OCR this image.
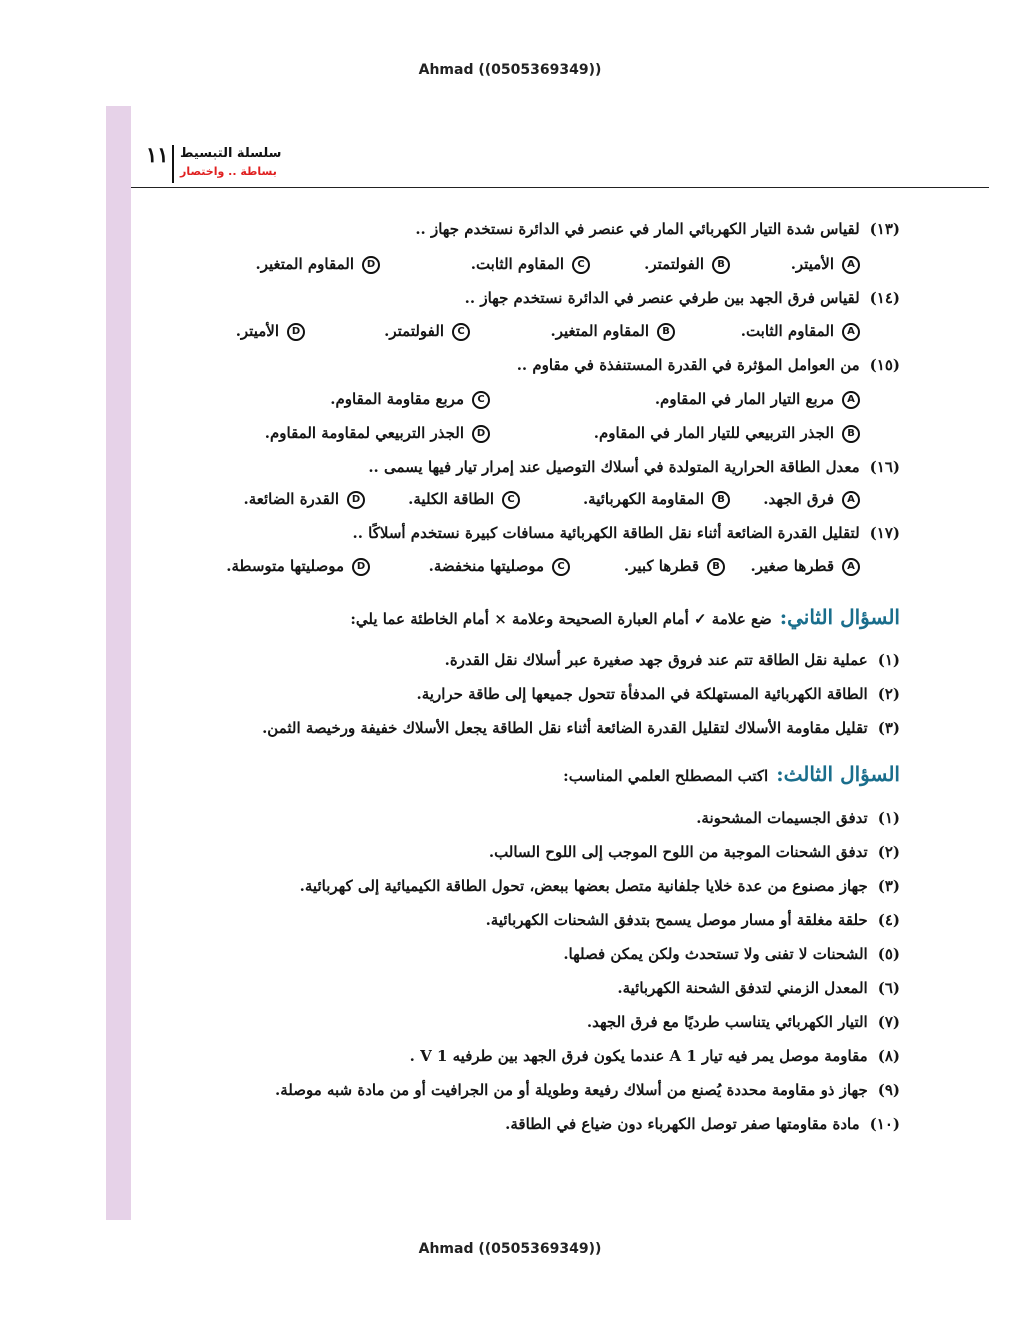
Ahmad ((0505369349))
١١ سلسلة التبسيط
بساطة .. واختصار
(١٣)لقياس شدة التيار الكهربائي المار في عنصر في الدائرة نستخدم جهاز ..
Aالأميتر.
Bالفولتمتر.
Cالمقاوم الثابت.
Dالمقاوم المتغير.
(١٤)لقياس فرق الجهد بين طرفي عنصر في الدائرة نستخدم جهاز ..
Aالمقاوم الثابت.
Bالمقاوم المتغير.
Cالفولتمتر.
Dالأميتر.
(١٥)من العوامل المؤثرة في القدرة المستنفذة في مقاوم ..
Aمربع التيار المار في المقاوم.
Cمربع مقاومة المقاوم.
Bالجذر التربيعي للتيار المار في المقاوم.
Dالجذر التربيعي لمقاومة المقاوم.
(١٦)معدل الطاقة الحرارية المتولدة في أسلاك التوصيل عند إمرار تيار فيها يسمى ..
Aفرق الجهد.
Bالمقاومة الكهربائية.
Cالطاقة الكلية.
Dالقدرة الضائعة.
(١٧)لتقليل القدرة الضائعة أثناء نقل الطاقة الكهربائية مسافات كبيرة نستخدم أسلاكًا ..
Aقطرها صغير.
Bقطرها كبير.
Cموصليتها منخفضة.
Dموصليتها متوسطة.
السؤال الثاني:ضع علامة ✓ أمام العبارة الصحيحة وعلامة × أمام الخاطئة عما يلي:
(١)عملية نقل الطاقة تتم عند فروق جهد صغيرة عبر أسلاك نقل القدرة.
(٢)الطاقة الكهربائية المستهلكة في المدفأة تتحول جميعها إلى طاقة حرارية.
(٣)تقليل مقاومة الأسلاك لتقليل القدرة الضائعة أثناء نقل الطاقة يجعل الأسلاك خفيفة ورخيصة الثمن.
السؤال الثالث:اكتب المصطلح العلمي المناسب:
(١)تدفق الجسيمات المشحونة.
(٢)تدفق الشحنات الموجبة من اللوح الموجب إلى اللوح السالب.
(٣)جهاز مصنوع من عدة خلايا جلفانية متصل بعضها ببعض، تحول الطاقة الكيميائية إلى كهربائية.
(٤)حلقة مغلقة أو مسار موصل يسمح بتدفق الشحنات الكهربائية.
(٥)الشحنات لا تفنى ولا تستحدث ولكن يمكن فصلها.
(٦)المعدل الزمني لتدفق الشحنة الكهربائية.
(٧)التيار الكهربائي يتناسب طرديًا مع فرق الجهد.
(٨)مقاومة موصل يمر فيه تيار 1 A عندما يكون فرق الجهد بين طرفيه 1 V .
(٩)جهاز ذو مقاومة محددة يُصنع من أسلاك رفيعة وطويلة أو من الجرافيت أو من مادة شبه موصلة.
(١٠)مادة مقاومتها صفر توصل الكهرباء دون ضياع في الطاقة.
Ahmad ((0505369349))
